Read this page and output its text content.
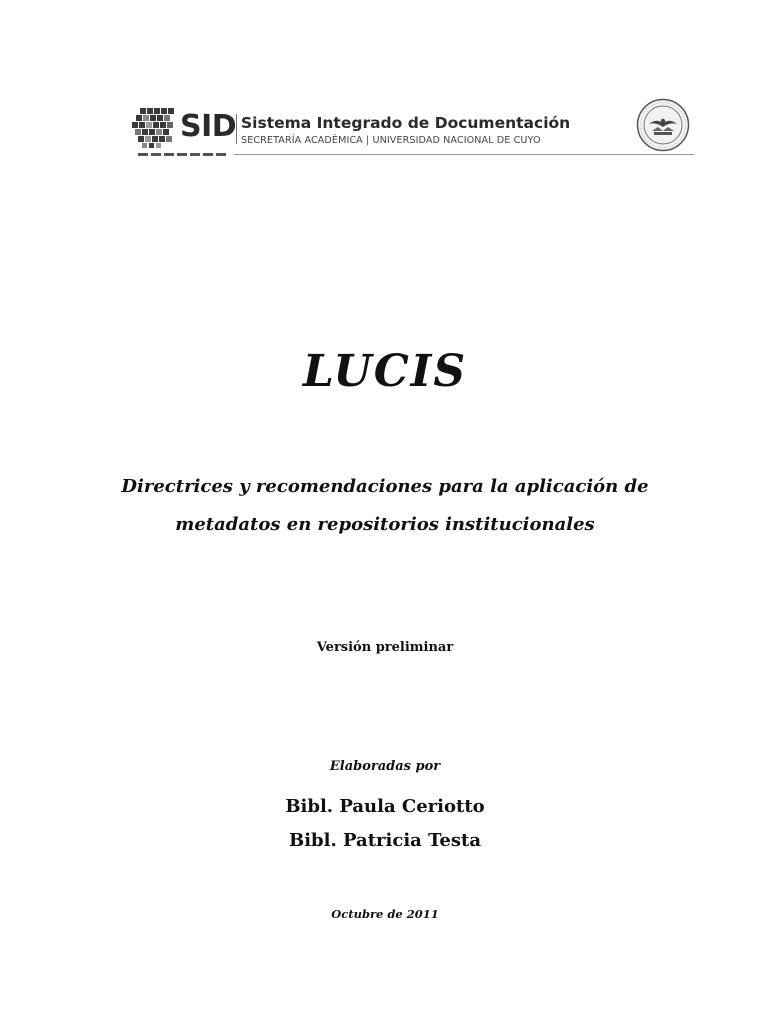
SID Sistema Integrado de Documentación
SECRETARÍA ACADÉMICA | UNIVERSIDAD NACIONAL DE CUYO
LUCIS
Directrices y recomendaciones para la aplicación de
metadatos en repositorios institucionales
Versión preliminar
Elaboradas por
Bibl. Paula Ceriotto
Bibl. Patricia Testa
Octubre de 2011
